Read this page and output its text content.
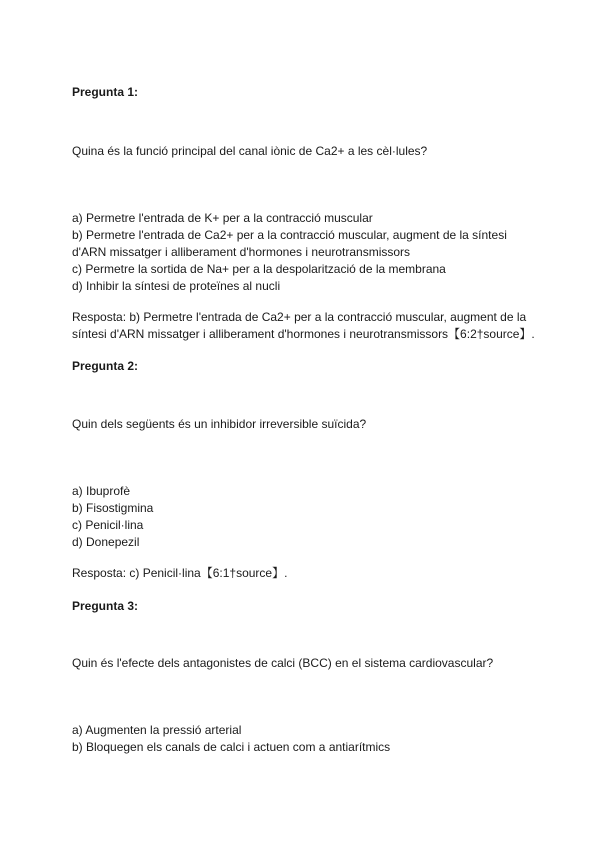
Pregunta 1:
Quina és la funció principal del canal iònic de Ca2+ a les cèl·lules?
a) Permetre l'entrada de K+ per a la contracció muscular
b) Permetre l'entrada de Ca2+ per a la contracció muscular, augment de la síntesi d'ARN missatger i alliberament d'hormones i neurotransmissors
c) Permetre la sortida de Na+ per a la despolarització de la membrana
d) Inhibir la síntesi de proteïnes al nucli
Resposta: b) Permetre l'entrada de Ca2+ per a la contracció muscular, augment de la síntesi d'ARN missatger i alliberament d'hormones i neurotransmissors【6:2†source】.
Pregunta 2:
Quin dels següents és un inhibidor irreversible suïcida?
a) Ibuprofè
b) Fisostigmina
c) Penicil·lina
d) Donepezil
Resposta: c) Penicil·lina【6:1†source】.
Pregunta 3:
Quin és l'efecte dels antagonistes de calci (BCC) en el sistema cardiovascular?
a) Augmenten la pressió arterial
b) Bloquegen els canals de calci i actuen com a antiarítmics
